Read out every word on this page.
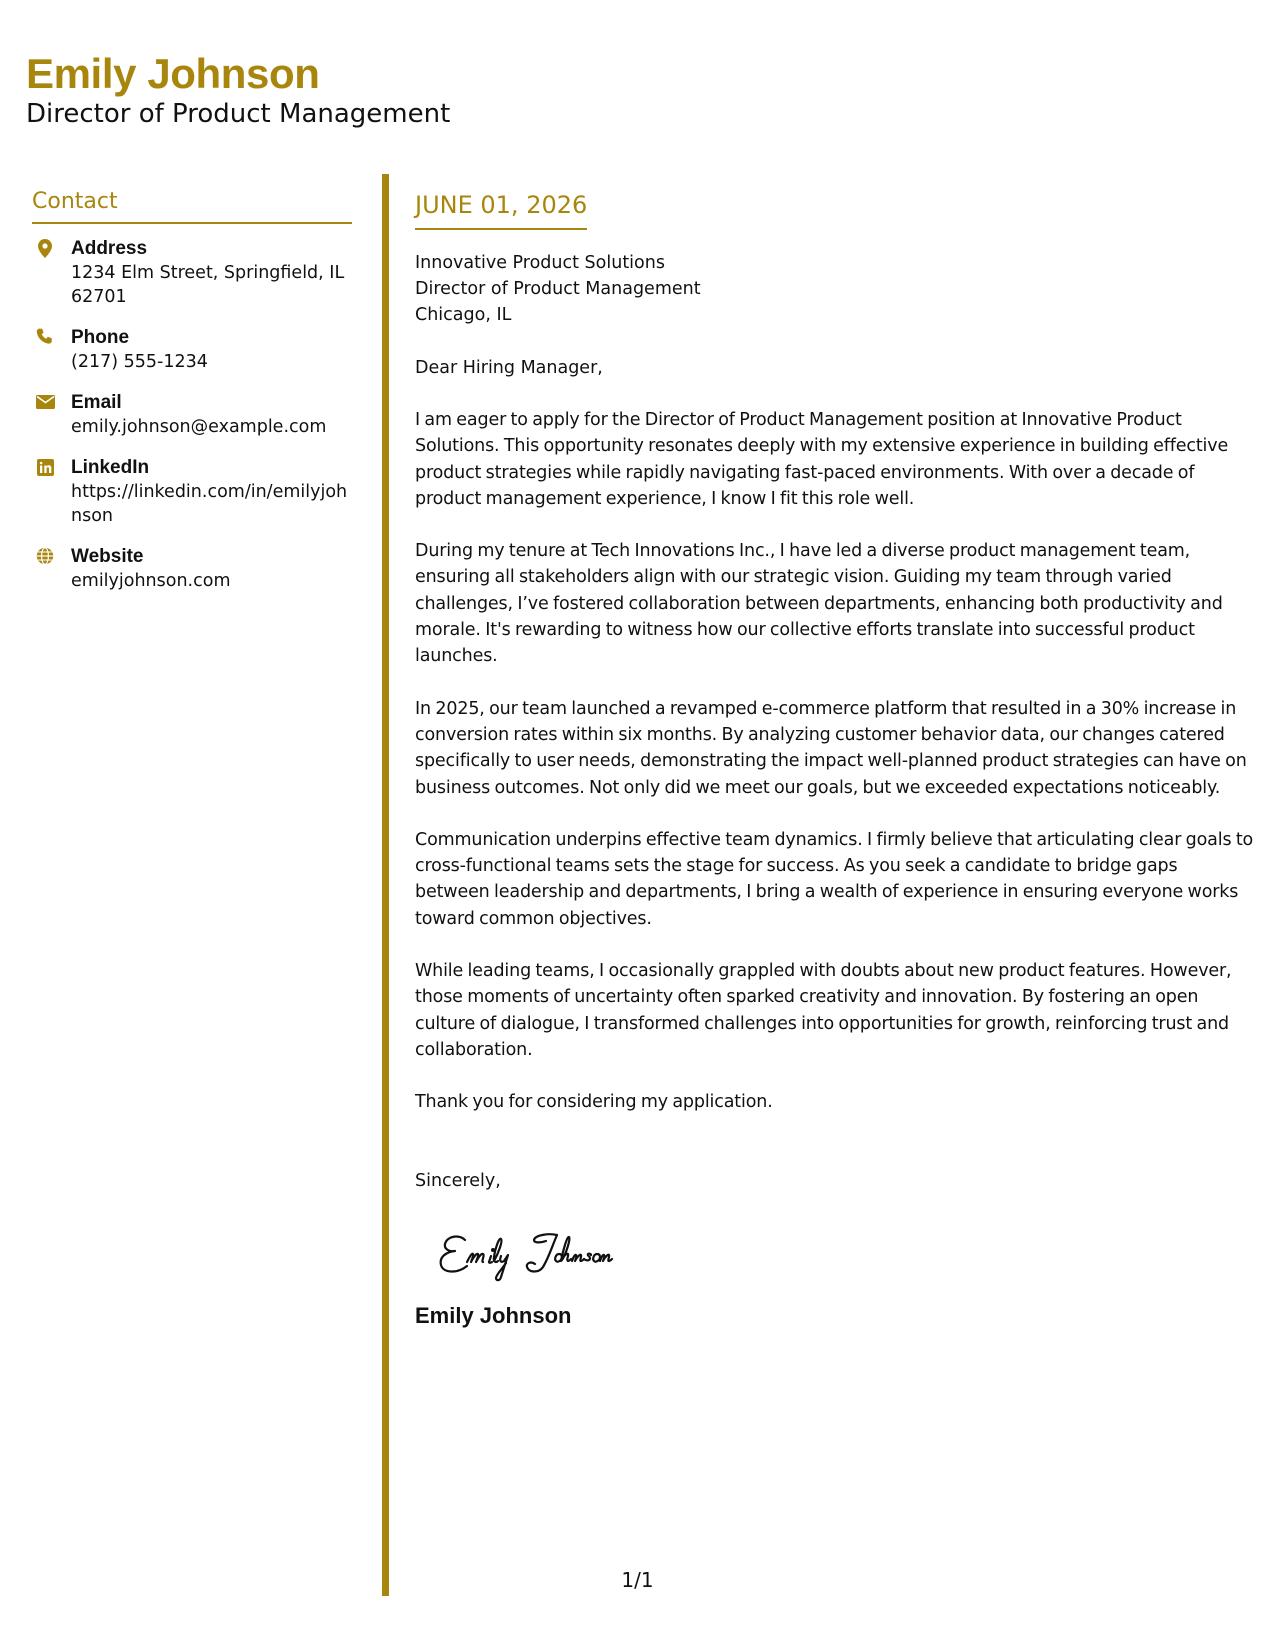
Emily Johnson
Director of Product Management
Contact
Address
1234 Elm Street, Springfield, IL 62701
Phone
(217) 555-1234
Email
emily.johnson@example.com
LinkedIn
https://linkedin.com/in/emilyjohnson
Website
emilyjohnson.com
JUNE 01, 2026
Innovative Product Solutions
Director of Product Management
Chicago, IL
Dear Hiring Manager,

I am eager to apply for the Director of Product Management position at Innovative Product Solutions. This opportunity resonates deeply with my extensive experience in building effective product strategies while rapidly navigating fast-paced environments. With over a decade of product management experience, I know I fit this role well.

During my tenure at Tech Innovations Inc., I have led a diverse product management team, ensuring all stakeholders align with our strategic vision. Guiding my team through varied challenges, I’ve fostered collaboration between departments, enhancing both productivity and morale. It's rewarding to witness how our collective efforts translate into successful product launches.

In 2025, our team launched a revamped e-commerce platform that resulted in a 30% increase in conversion rates within six months. By analyzing customer behavior data, our changes catered specifically to user needs, demonstrating the impact well-planned product strategies can have on business outcomes. Not only did we meet our goals, but we exceeded expectations noticeably.

Communication underpins effective team dynamics. I firmly believe that articulating clear goals to cross-functional teams sets the stage for success. As you seek a candidate to bridge gaps between leadership and departments, I bring a wealth of experience in ensuring everyone works toward common objectives.

While leading teams, I occasionally grappled with doubts about new product features. However, those moments of uncertainty often sparked creativity and innovation. By fostering an open culture of dialogue, I transformed challenges into opportunities for growth, reinforcing trust and collaboration.

Thank you for considering my application.

Sincerely,
Emily Johnson
1/1
